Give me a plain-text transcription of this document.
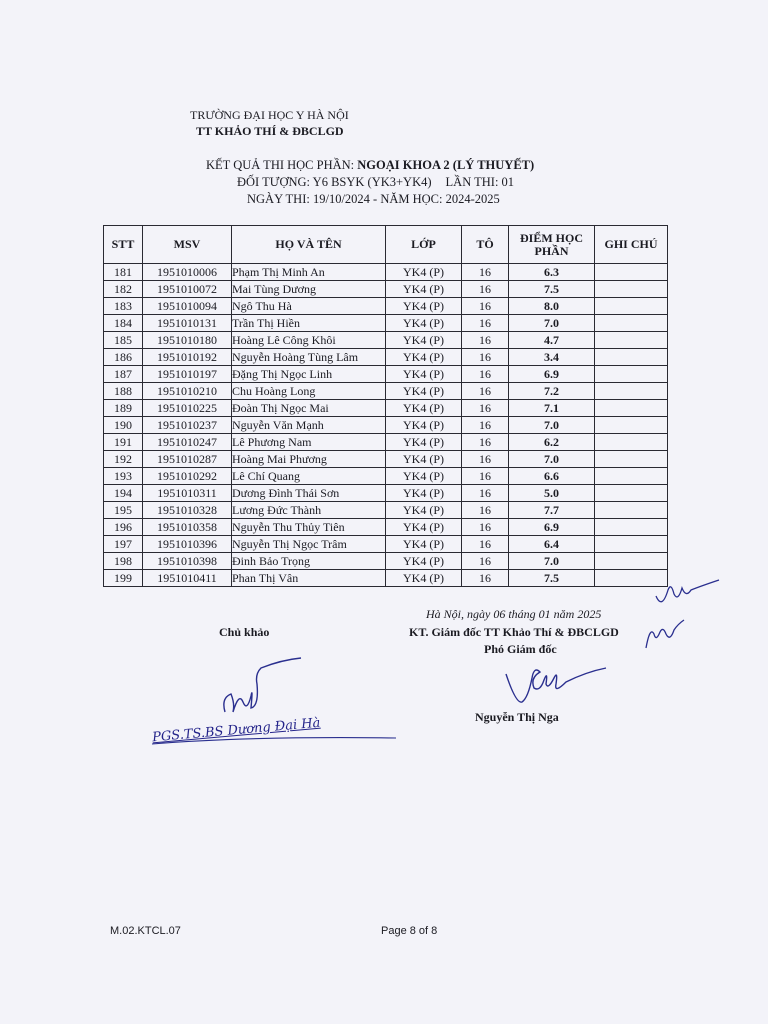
TRƯỜNG ĐẠI HỌC Y HÀ NỘI
TT KHẢO THÍ & ĐBCLGD
KẾT QUẢ THI HỌC PHẦN: NGOẠI KHOA 2 (LÝ THUYẾT)
ĐỐI TƯỢNG: Y6 BSYK (YK3+YK4) LẦN THI: 01
NGÀY THI: 19/10/2024 - NĂM HỌC: 2024-2025
STT	MSV	HỌ VÀ TÊN	LỚP	TÔ	ĐIỂM HỌC PHẦN	GHI CHÚ
181	1951010006	Phạm Thị Minh An	YK4 (P)	16	6.3	
182	1951010072	Mai Tùng Dương	YK4 (P)	16	7.5	
183	1951010094	Ngô Thu Hà	YK4 (P)	16	8.0	
184	1951010131	Trần Thị Hiền	YK4 (P)	16	7.0	
185	1951010180	Hoàng Lê Công Khôi	YK4 (P)	16	4.7	
186	1951010192	Nguyễn Hoàng Tùng Lâm	YK4 (P)	16	3.4	
187	1951010197	Đặng Thị Ngọc Linh	YK4 (P)	16	6.9	
188	1951010210	Chu Hoàng Long	YK4 (P)	16	7.2	
189	1951010225	Đoàn Thị Ngọc Mai	YK4 (P)	16	7.1	
190	1951010237	Nguyễn Văn Mạnh	YK4 (P)	16	7.0	
191	1951010247	Lê Phương Nam	YK4 (P)	16	6.2	
192	1951010287	Hoàng Mai Phương	YK4 (P)	16	7.0	
193	1951010292	Lê Chí Quang	YK4 (P)	16	6.6	
194	1951010311	Dương Đình Thái Sơn	YK4 (P)	16	5.0	
195	1951010328	Lương Đức Thành	YK4 (P)	16	7.7	
196	1951010358	Nguyễn Thu Thủy Tiên	YK4 (P)	16	6.9	
197	1951010396	Nguyễn Thị Ngọc Trâm	YK4 (P)	16	6.4	
198	1951010398	Đinh Bảo Trọng	YK4 (P)	16	7.0	
199	1951010411	Phan Thị Vân	YK4 (P)	16	7.5	
Hà Nội, ngày 06 tháng 01 năm 2025
Chủ khảo	KT. Giám đốc TT Khảo Thí & ĐBCLGD
Phó Giám đốc
PGS.TS.BS Dương Đại Hà	Nguyễn Thị Nga
M.02.KTCL.07	Page 8 of 8
